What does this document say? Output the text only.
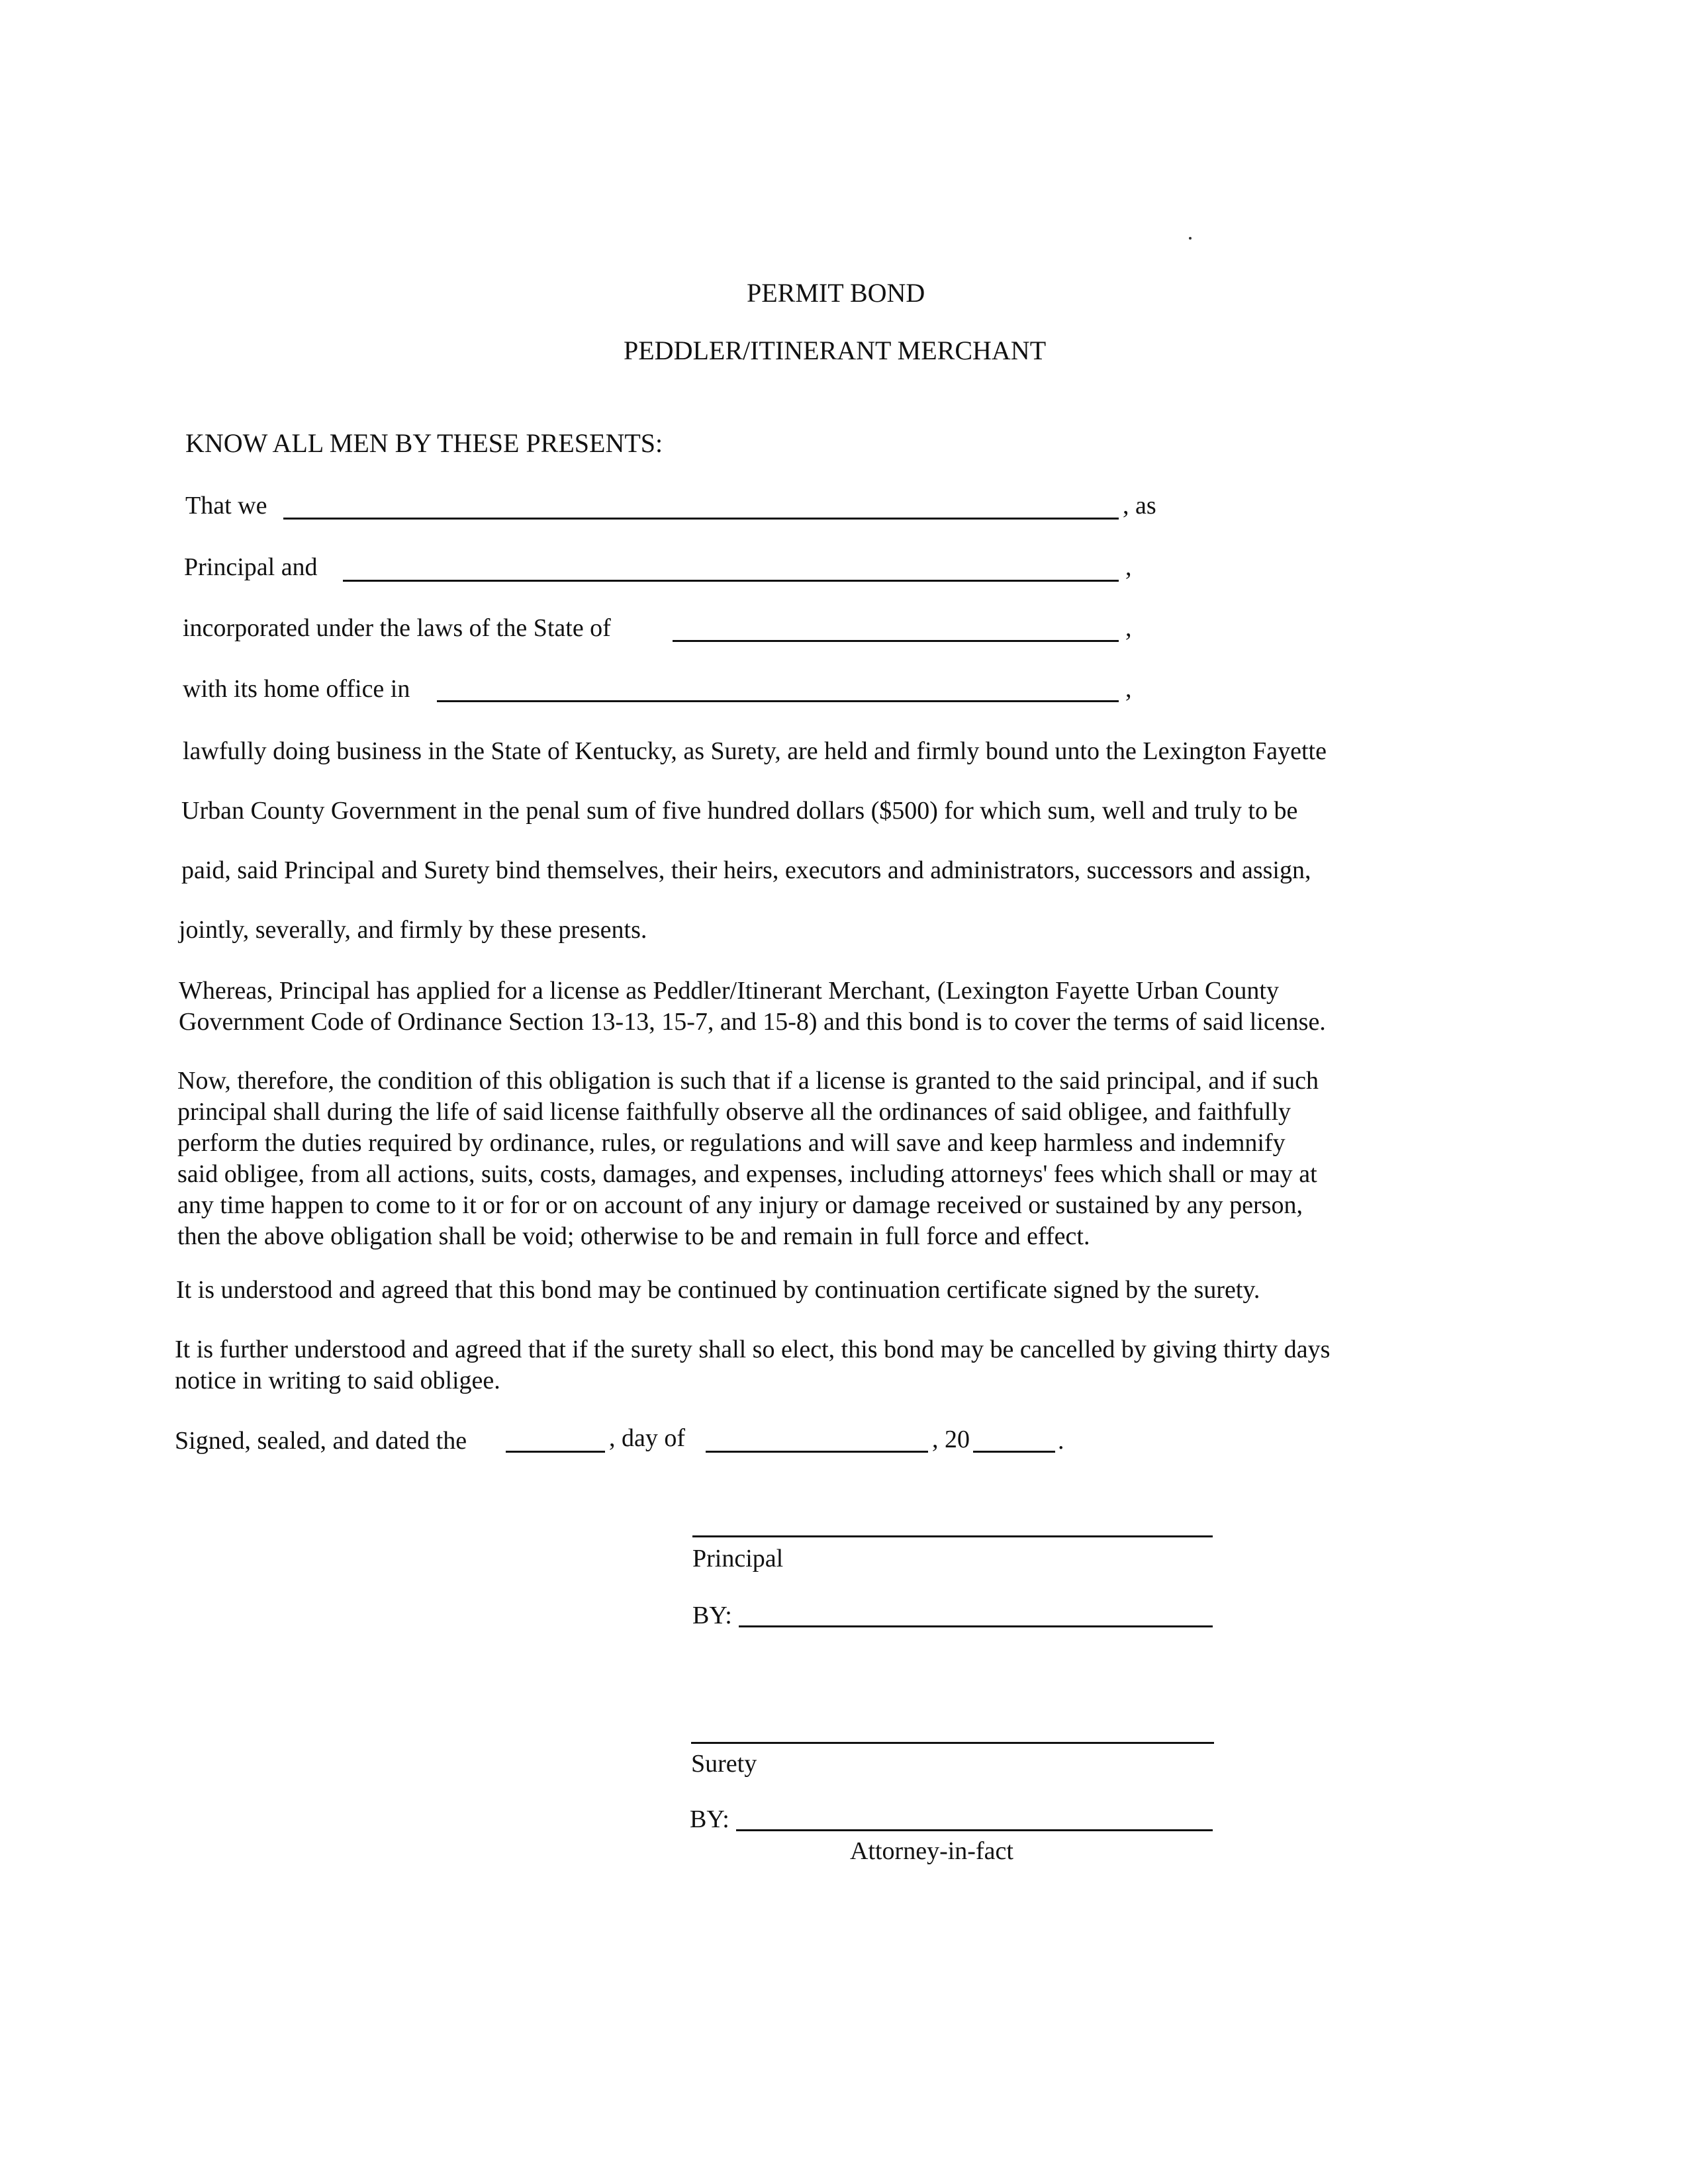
PERMIT BOND
PEDDLER/ITINERANT MERCHANT
KNOW ALL MEN BY THESE PRESENTS:
That we	, as
Principal and	,
incorporated under the laws of the State of	,
with its home office in	,
lawfully doing business in the State of Kentucky, as Surety, are held and firmly bound unto the Lexington Fayette
Urban County Government in the penal sum of five hundred dollars ($500) for which sum, well and truly to be
paid, said Principal and Surety bind themselves, their heirs, executors and administrators, successors and assign,
jointly, severally, and firmly by these presents.
Whereas, Principal has applied for a license as Peddler/Itinerant Merchant, (Lexington Fayette Urban County
Government Code of Ordinance Section 13-13, 15-7, and 15-8) and this bond is to cover the terms of said license.
Now, therefore, the condition of this obligation is such that if a license is granted to the said principal, and if such
principal shall during the life of said license faithfully observe all the ordinances of said obligee, and faithfully
perform the duties required by ordinance, rules, or regulations and will save and keep harmless and indemnify
said obligee, from all actions, suits, costs, damages, and expenses, including attorneys' fees which shall or may at
any time happen to come to it or for or on account of any injury or damage received or sustained by any person,
then the above obligation shall be void; otherwise to be and remain in full force and effect.
It is understood and agreed that this bond may be continued by continuation certificate signed by the surety.
It is further understood and agreed that if the surety shall so elect, this bond may be cancelled by giving thirty days
notice in writing to said obligee.
Signed, sealed, and dated the	, day of	, 20	.
Principal
BY:
Surety
BY:
Attorney-in-fact
